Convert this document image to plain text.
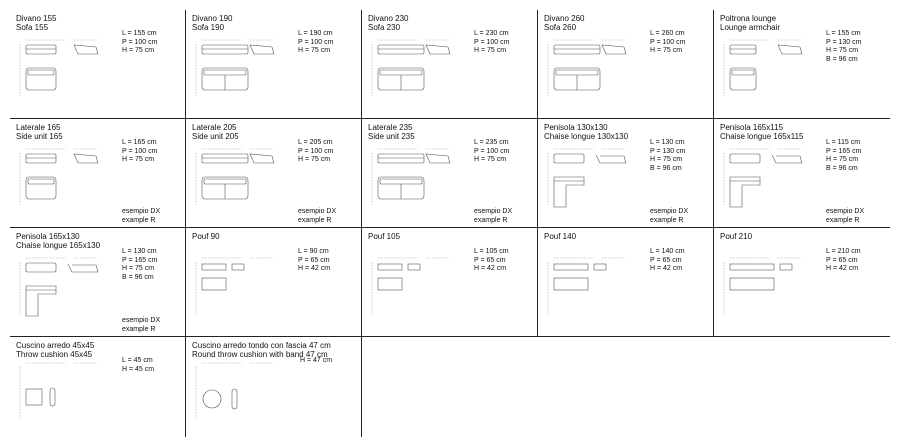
Divano 155
Sofa 155
L = 155 cm
P = 100 cm
H = 75 cm
Divano 190
Sofa 190
L = 190 cm
P = 100 cm
H = 75 cm
Divano 230
Sofa 230
L = 230 cm
P = 100 cm
H = 75 cm
Divano 260
Sofa 260
L = 260 cm
P = 100 cm
H = 75 cm
Poltrona lounge
Lounge armchair
L = 155 cm
P = 130 cm
H = 75 cm
B = 96 cm
Laterale 165
Side unit 165
L = 165 cm
P = 100 cm
H = 75 cm
esempio DX
example R
Laterale 205
Side unit 205
L = 205 cm
P = 100 cm
H = 75 cm
esempio DX
example R
Laterale 235
Side unit 235
L = 235 cm
P = 100 cm
H = 75 cm
esempio DX
example R
Penisola 130x130
Chaise longue 130x130
L = 130 cm
P = 130 cm
H = 75 cm
B = 96 cm
esempio DX
example R
Penisola 165x115
Chaise longue 165x115
L = 115 cm
P = 165 cm
H = 75 cm
B = 96 cm
esempio DX
example R
Penisola 165x130
Chaise longue 165x130
L = 130 cm
P = 165 cm
H = 75 cm
B = 96 cm
esempio DX
example R
Pouf 90
L = 90 cm
P = 65 cm
H = 42 cm
Pouf 105
L = 105 cm
P = 65 cm
H = 42 cm
Pouf 140
L = 140 cm
P = 65 cm
H = 42 cm
Pouf 210
L = 210 cm
P = 65 cm
H = 42 cm
Cuscino arredo 45x45
Throw cushion 45x45
L = 45 cm
H = 45 cm
Cuscino arredo tondo con fascia 47 cm
Round throw cushion with band 47 cm
H = 47 cm
